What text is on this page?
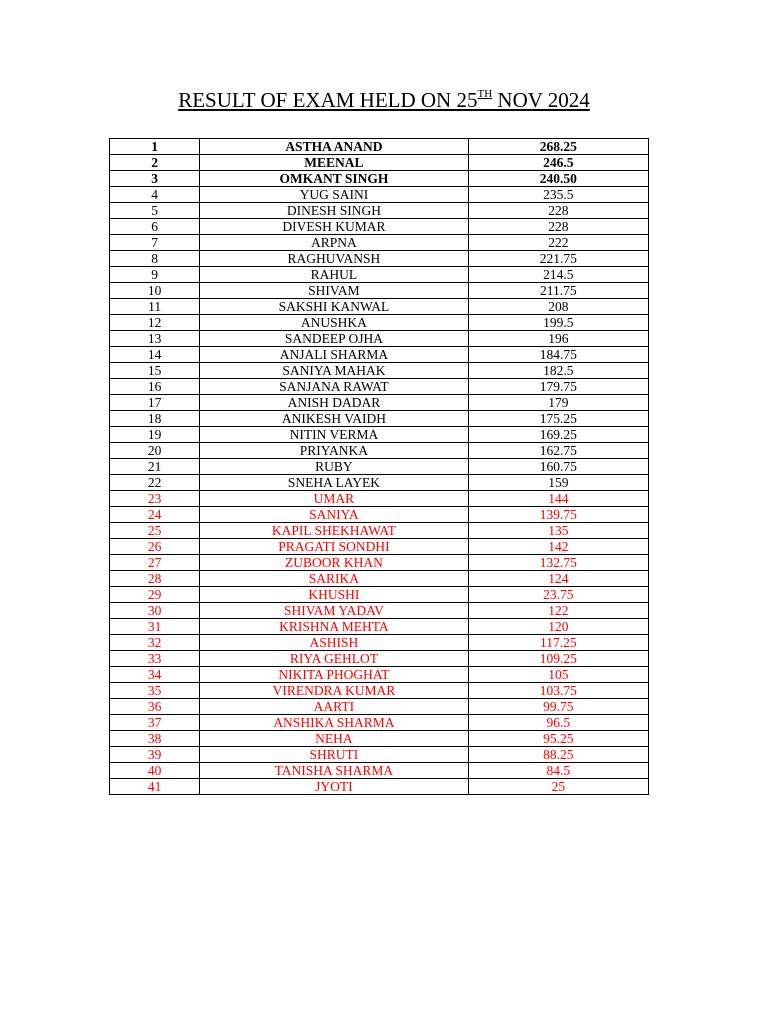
RESULT OF EXAM HELD ON 25TH NOV 2024
1	ASTHA ANAND	268.25
2	MEENAL	246.5
3	OMKANT SINGH	240.50
4	YUG SAINI	235.5
5	DINESH SINGH	228
6	DIVESH KUMAR	228
7	ARPNA	222
8	RAGHUVANSH	221.75
9	RAHUL	214.5
10	SHIVAM	211.75
11	SAKSHI KANWAL	208
12	ANUSHKA	199.5
13	SANDEEP OJHA	196
14	ANJALI SHARMA	184.75
15	SANIYA MAHAK	182.5
16	SANJANA RAWAT	179.75
17	ANISH DADAR	179
18	ANIKESH VAIDH	175.25
19	NITIN VERMA	169.25
20	PRIYANKA	162.75
21	RUBY	160.75
22	SNEHA LAYEK	159
23	UMAR	144
24	SANIYA	139.75
25	KAPIL SHEKHAWAT	135
26	PRAGATI SONDHI	142
27	ZUBOOR KHAN	132.75
28	SARIKA	124
29	KHUSHI	23.75
30	SHIVAM YADAV	122
31	KRISHNA MEHTA	120
32	ASHISH	117.25
33	RIYA GEHLOT	109.25
34	NIKITA PHOGHAT	105
35	VIRENDRA KUMAR	103.75
36	AARTI	99.75
37	ANSHIKA SHARMA	96.5
38	NEHA	95.25
39	SHRUTI	88.25
40	TANISHA SHARMA	84.5
41	JYOTI	25
